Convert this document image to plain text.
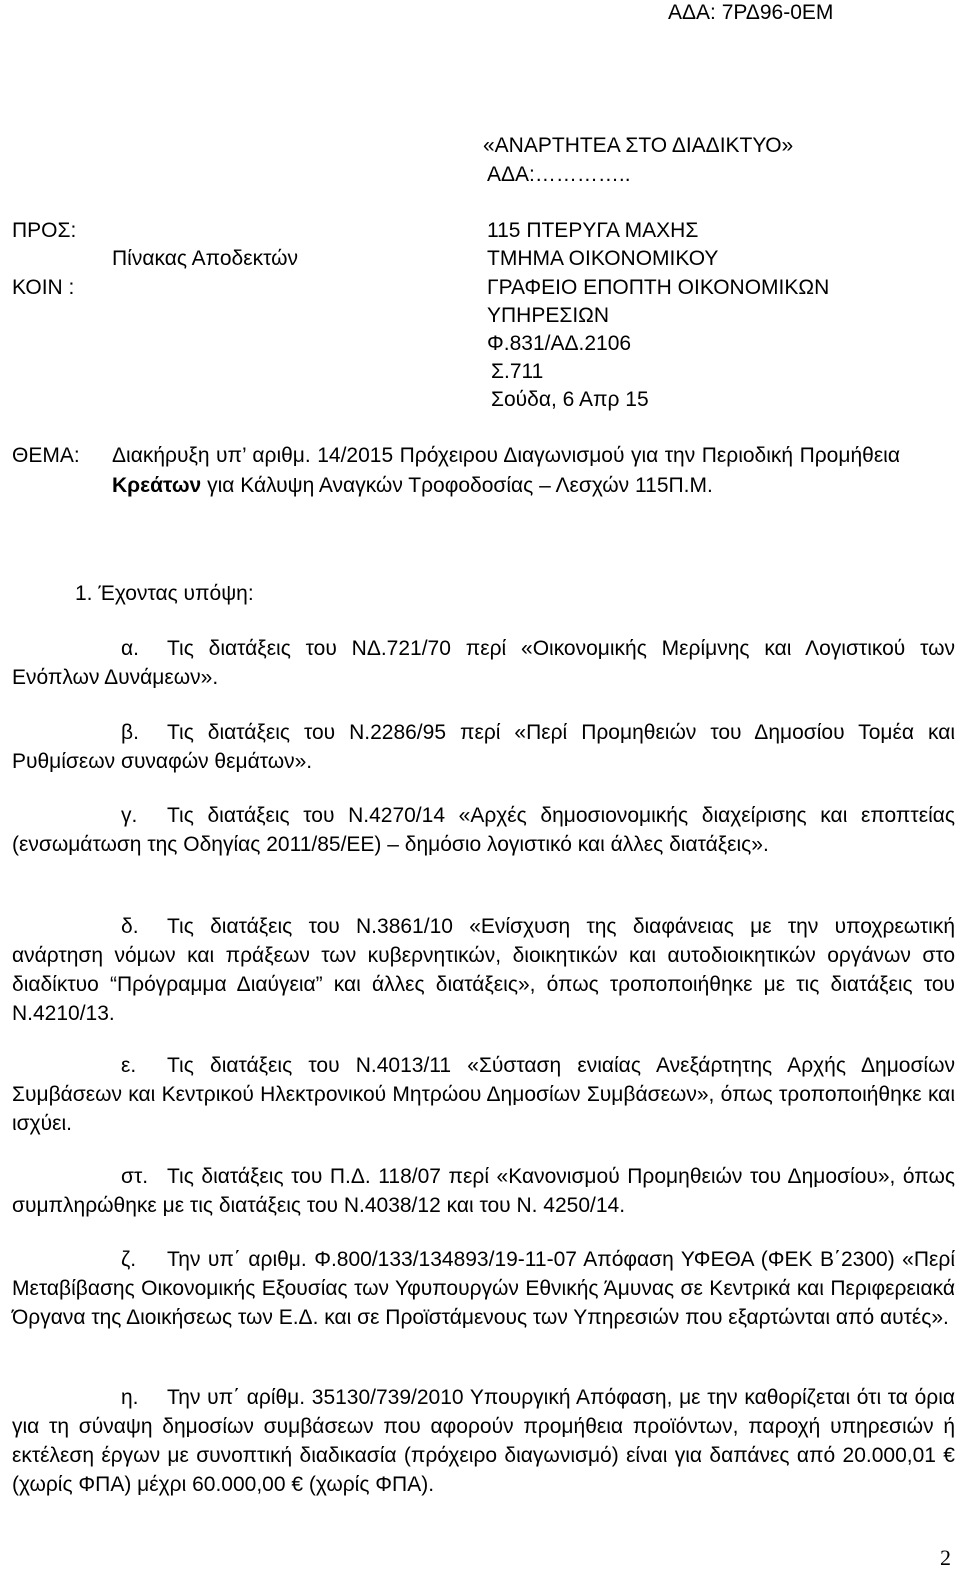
ΑΔΑ: 7ΡΔ96-0ΕΜ
«ΑΝΑΡΤΗΤΕΑ ΣΤΟ ΔΙΑΔΙΚΤΥΟ»
ΑΔΑ:…………..
ΠΡΟΣ:
Πίνακας Αποδεκτών
ΚΟΙΝ :
115 ΠΤΕΡΥΓΑ ΜΑΧΗΣ
ΤΜΗΜΑ ΟΙΚΟΝΟΜΙΚΟΥ
ΓΡΑΦΕΙΟ ΕΠΟΠΤΗ ΟΙΚΟΝΟΜΙΚΩΝ
ΥΠΗΡΕΣΙΩΝ
Φ.831/ΑΔ.2106
Σ.711
Σούδα, 6 Απρ 15
ΘΕΜΑ: Διακήρυξη υπ’ αριθμ. 14/2015 Πρόχειρου Διαγωνισμού για την Περιοδική Προμήθεια Κρεάτων για Κάλυψη Αναγκών Τροφοδοσίας – Λεσχών 115Π.Μ.
1. Έχοντας υπόψη:
α. Τις διατάξεις του ΝΔ.721/70 περί «Οικονομικής Μερίμνης και Λογιστικού των Ενόπλων Δυνάμεων».
β. Τις διατάξεις του Ν.2286/95 περί «Περί Προμηθειών του Δημοσίου Τομέα και Ρυθμίσεων συναφών θεμάτων».
γ. Τις διατάξεις του Ν.4270/14 «Αρχές δημοσιονομικής διαχείρισης και εποπτείας (ενσωμάτωση της Οδηγίας 2011/85/ΕΕ) – δημόσιο λογιστικό και άλλες διατάξεις».
δ. Τις διατάξεις του Ν.3861/10 «Ενίσχυση της διαφάνειας με την υποχρεωτική ανάρτηση νόμων και πράξεων των κυβερνητικών, διοικητικών και αυτοδιοικητικών οργάνων στο διαδίκτυο “Πρόγραμμα Διαύγεια” και άλλες διατάξεις», όπως τροποποιήθηκε με τις διατάξεις του Ν.4210/13.
ε. Τις διατάξεις του Ν.4013/11 «Σύσταση ενιαίας Ανεξάρτητης Αρχής Δημοσίων Συμβάσεων και Κεντρικού Ηλεκτρονικού Μητρώου Δημοσίων Συμβάσεων», όπως τροποποιήθηκε και ισχύει.
στ. Τις διατάξεις του Π.Δ. 118/07 περί «Κανονισμού Προμηθειών του Δημοσίου», όπως συμπληρώθηκε με τις διατάξεις του Ν.4038/12 και του Ν. 4250/14.
ζ. Την υπ΄ αριθμ. Φ.800/133/134893/19-11-07 Απόφαση ΥΦΕΘΑ (ΦΕΚ Β΄2300) «Περί Μεταβίβασης Οικονομικής Εξουσίας των Υφυπουργών Εθνικής Άμυνας σε Κεντρικά και Περιφερειακά Όργανα της Διοικήσεως των Ε.Δ. και σε Προϊστάμενους των Υπηρεσιών που εξαρτώνται από αυτές».
η. Την υπ΄ αρίθμ. 35130/739/2010 Υπουργική Απόφαση, με την καθορίζεται ότι τα όρια για τη σύναψη δημοσίων συμβάσεων που αφορούν προμήθεια προϊόντων, παροχή υπηρεσιών ή εκτέλεση έργων με συνοπτική διαδικασία (πρόχειρο διαγωνισμό) είναι για δαπάνες από 20.000,01 € (χωρίς ΦΠΑ) μέχρι 60.000,00 € (χωρίς ΦΠΑ).
2
